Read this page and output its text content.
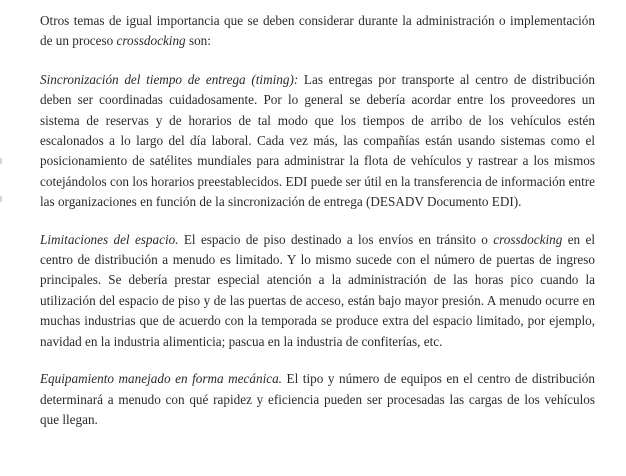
Otros temas de igual importancia que se deben considerar durante la administración o implementación de un proceso crossdocking son:

Sincronización del tiempo de entrega (timing): Las entregas por transporte al centro de distribución deben ser coordinadas cuidadosamente. Por lo general se debería acordar entre los proveedores un sistema de reservas y de horarios de tal modo que los tiempos de arribo de los vehículos estén escalonados a lo largo del día laboral. Cada vez más, las compañías están usando sistemas como el posicionamiento de satélites mundiales para administrar la flota de vehículos y rastrear a los mismos cotejándolos con los horarios preestablecidos. EDI puede ser útil en la transferencia de información entre las organizaciones en función de la sincronización de entrega (DESADV Documento EDI).

Limitaciones del espacio. El espacio de piso destinado a los envíos en tránsito o crossdocking en el centro de distribución a menudo es limitado. Y lo mismo sucede con el número de puertas de ingreso principales. Se debería prestar especial atención a la administración de las horas pico cuando la utilización del espacio de piso y de las puertas de acceso, están bajo mayor presión. A menudo ocurre en muchas industrias que de acuerdo con la temporada se produce extra del espacio limitado, por ejemplo, navidad en la industria alimenticia; pascua en la industria de confiterías, etc.

Equipamiento manejado en forma mecánica. El tipo y número de equipos en el centro de distribución determinará a menudo con qué rapidez y eficiencia pueden ser procesadas las cargas de los vehículos que llegan.
